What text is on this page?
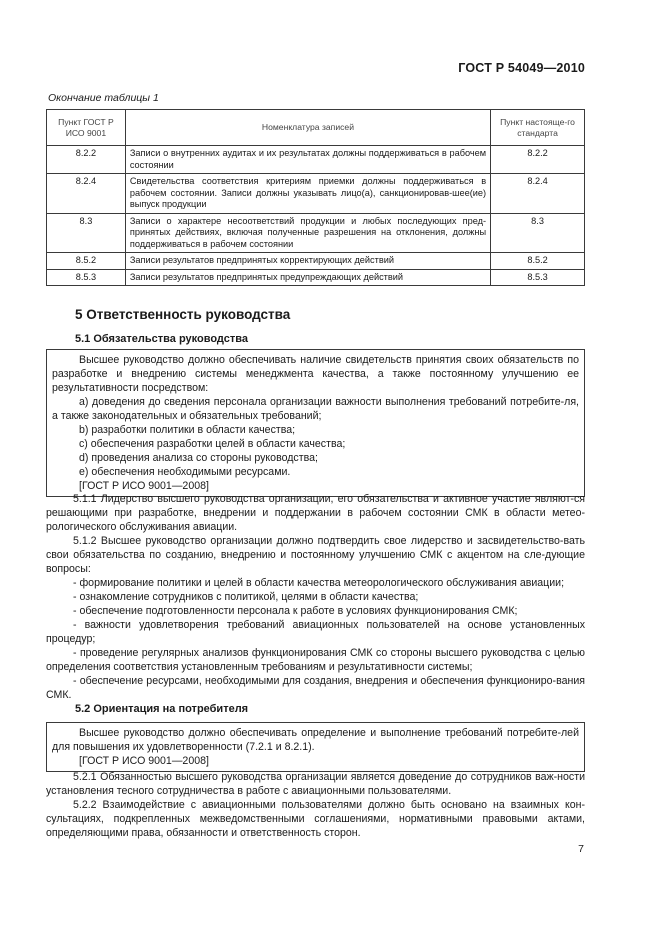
ГОСТ Р 54049—2010
Окончание таблицы 1
Пункт ГОСТ Р ИСО 9001	Номенклатура записей	Пункт настояще-го стандарта
8.2.2	Записи о внутренних аудитах и их результатах должны поддерживаться в рабочем состоянии	8.2.2
8.2.4	Свидетельства соответствия критериям приемки должны поддерживаться в рабочем состоянии. Записи должны указывать лицо(а), санкционировав-шее(ие) выпуск продукции	8.2.4
8.3	Записи о характере несоответствий продукции и любых последующих пред-принятых действиях, включая полученные разрешения на отклонения, должны поддерживаться в рабочем состоянии	8.3
8.5.2	Записи результатов предпринятых корректирующих действий	8.5.2
8.5.3	Записи результатов предпринятых предупреждающих действий	8.5.3
5 Ответственность руководства
5.1 Обязательства руководства

Высшее руководство должно обеспечивать наличие свидетельств принятия своих обязательств по разработке и внедрению системы менеджмента качества, а также постоянному улучшению ее результативности посредством:

a) доведения до сведения персонала организации важности выполнения требований потребите-ля, а также законодательных и обязательных требований;

b) разработки политики в области качества;

c) обеспечения разработки целей в области качества;

d) проведения анализа со стороны руководства;

e) обеспечения необходимыми ресурсами.

[ГОСТ Р ИСО 9001—2008]

5.1.1 Лидерство высшего руководства организации, его обязательства и активное участие являют-ся решающими при разработке, внедрении и поддержании в рабочем состоянии СМК в области метео-рологического обслуживания авиации.

5.1.2 Высшее руководство организации должно подтвердить свое лидерство и засвидетельство-вать свои обязательства по созданию, внедрению и постоянному улучшению СМК с акцентом на сле-дующие вопросы:

- формирование политики и целей в области качества метеорологического обслуживания авиации;

- ознакомление сотрудников с политикой, целями в области качества;

- обеспечение подготовленности персонала к работе в условиях функционирования СМК;

- важности удовлетворения требований авиационных пользователей на основе установленных процедур;

- проведение регулярных анализов функционирования СМК со стороны высшего руководства с целью определения соответствия установленным требованиям и результативности системы;

- обеспечение ресурсами, необходимыми для создания, внедрения и обеспечения функциониро-вания СМК.

5.2 Ориентация на потребителя

Высшее руководство должно обеспечивать определение и выполнение требований потребите-лей для повышения их удовлетворенности (7.2.1 и 8.2.1).

[ГОСТ Р ИСО 9001—2008]

5.2.1 Обязанностью высшего руководства организации является доведение до сотрудников важ-ности установления тесного сотрудничества в работе с авиационными пользователями.

5.2.2 Взаимодействие с авиационными пользователями должно быть основано на взаимных кон-сультациях, подкрепленных межведомственными соглашениями, нормативными правовыми актами, определяющими права, обязанности и ответственность сторон.

7
